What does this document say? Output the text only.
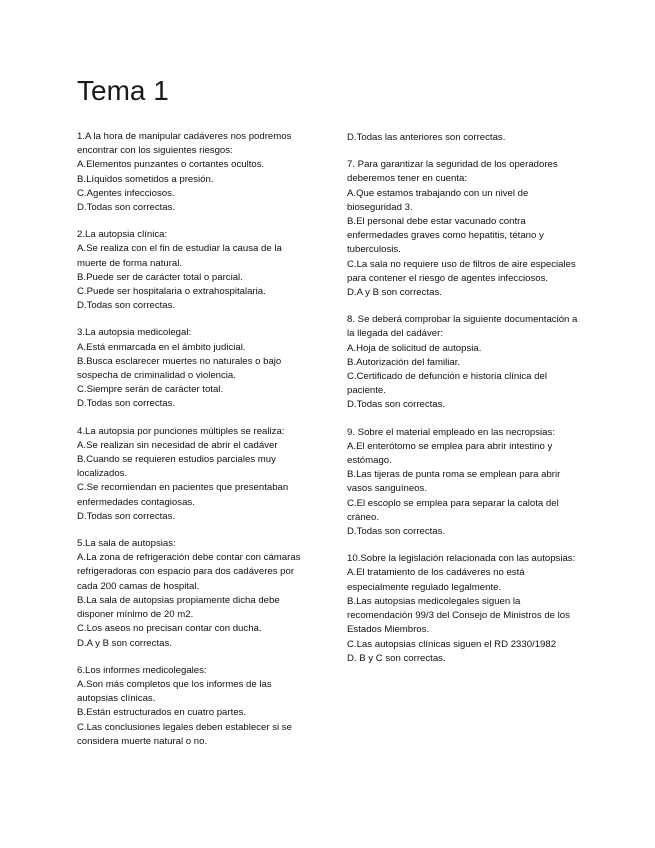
Tema 1
1.A la hora de manipular cadáveres nos podremos encontrar con los siguientes riesgos:
A.Elementos punzantes o cortantes ocultos.
B.Líquidos sometidos a presión.
C.Agentes infecciosos.
D.Todas son correctas.
2.La autopsia clínica:
A.Se realiza con el fin de estudiar la causa de la muerte de forma natural.
B.Puede ser de carácter total o parcial.
C.Puede ser hospitalaria o extrahospitalaria.
D.Todas son correctas.
3.La autopsia medicolegal:
A.Está enmarcada en el ámbito judicial.
B.Busca esclarecer muertes no naturales o bajo sospecha de criminalidad o violencia.
C.Siempre serán de carácter total.
D.Todas son correctas.
4.La autopsia por punciones múltiples se realiza:
A.Se realizan sin necesidad de abrir el cadáver
B.Cuando se requieren estudios parciales muy localizados.
C.Se recomiendan en pacientes que presentaban enfermedades contagiosas.
D.Todas son correctas.
5.La sala de autopsias:
A.La zona de refrigeración debe contar con cámaras refrigeradoras con espacio para dos cadáveres por cada 200 camas de hospital.
B.La sala de autopsias propiamente dicha debe disponer mínimo de 20 m2.
C.Los aseos no precisan contar con ducha.
D.A y B son correctas.
6.Los informes medicolegales:
A.Son más completos que los informes de las autopsias clínicas.
B.Están estructurados en cuatro partes.
C.Las conclusiones legales deben establecer si se considera muerte natural o no.
D.Todas las anteriores son correctas.
7. Para garantizar la seguridad de los operadores deberemos tener en cuenta:
A.Que estamos trabajando con un nivel de bioseguridad 3.
B.El personal debe estar vacunado contra enfermedades graves como hepatitis, tétano y tuberculosis.
C.La sala no requiere uso de filtros de aire especiales para contener el riesgo de agentes infecciosos.
D.A y B son correctas.
8. Se deberá comprobar la siguiente documentación a la llegada del cadáver:
A.Hoja de solicitud de autopsia.
B.Autorización del familiar.
C.Certificado de defunción e historia clínica del paciente.
D.Todas son correctas.
9. Sobre el material empleado en las necropsias:
A.El enterótomo se emplea para abrir intestino y estómago.
B.Las tijeras de punta roma se emplean para abrir vasos sanguíneos.
C.El escoplo se emplea para separar la calota del cráneo.
D.Todas son correctas.
10.Sobre la legislación relacionada con las autopsias:
A.El tratamiento de los cadáveres no está especialmente regulado legalmente.
B.Las autopsias medicolegales siguen la recomendación 99/3 del Consejo de Ministros de los Estados Miembros.
C.Las autopsias clínicas siguen el RD 2330/1982
D. B y C son correctas.
